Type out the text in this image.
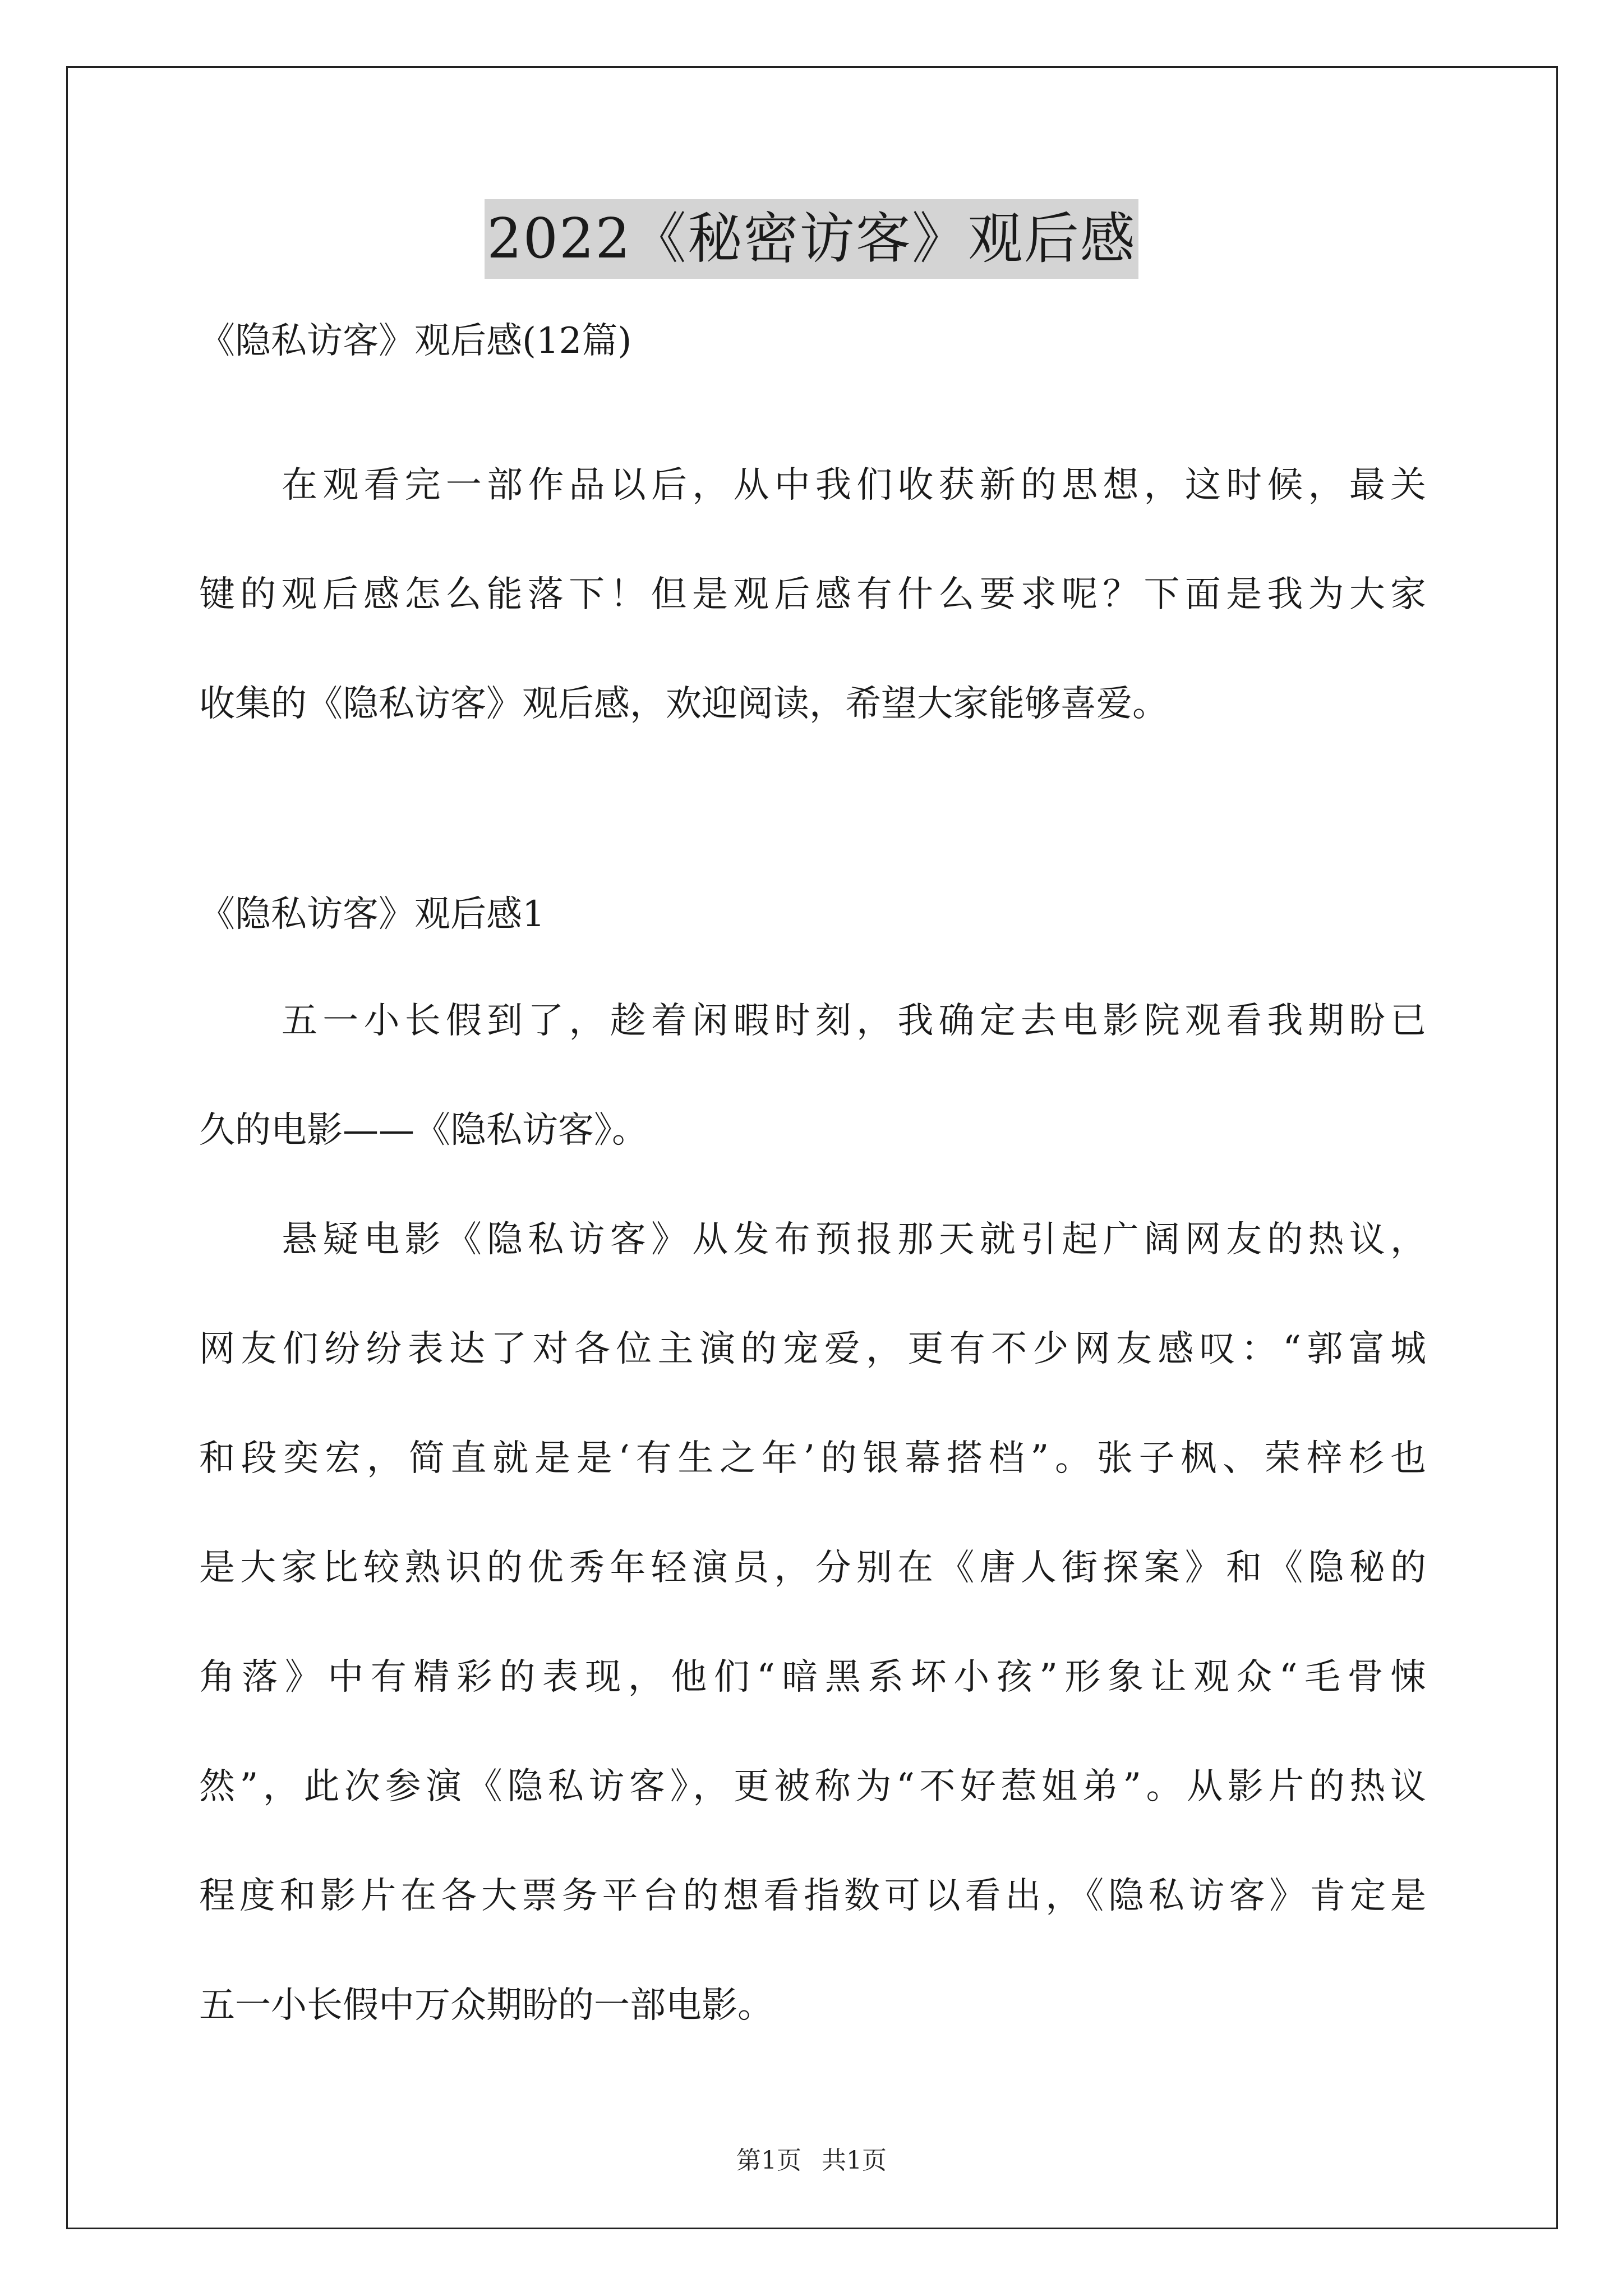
2022《秘密访客》观后感
《隐私访客》观后感(12篇)
在观看完一部作品以后，从中我们收获新的思想，这时候，最关
键的观后感怎么能落下！但是观后感有什么要求呢？下面是我为大家
收集的《隐私访客》观后感，欢迎阅读，希望大家能够喜爱。
《隐私访客》观后感1
五一小长假到了，趁着闲暇时刻，我确定去电影院观看我期盼已
久的电影——《隐私访客》。
悬疑电影《隐私访客》从发布预报那天就引起广阔网友的热议，
网友们纷纷表达了对各位主演的宠爱，更有不少网友感叹：“郭富城
和段奕宏，简直就是是‘有生之年’的银幕搭档”。张子枫、荣梓杉也
是大家比较熟识的优秀年轻演员，分别在《唐人街探案》和《隐秘的
角落》中有精彩的表现，他们“暗黑系坏小孩”形象让观众“毛骨悚
然”，此次参演《隐私访客》，更被称为“不好惹姐弟”。从影片的热议
程度和影片在各大票务平台的想看指数可以看出，《隐私访客》肯定是
五一小长假中万众期盼的一部电影。
第1页 共1页
